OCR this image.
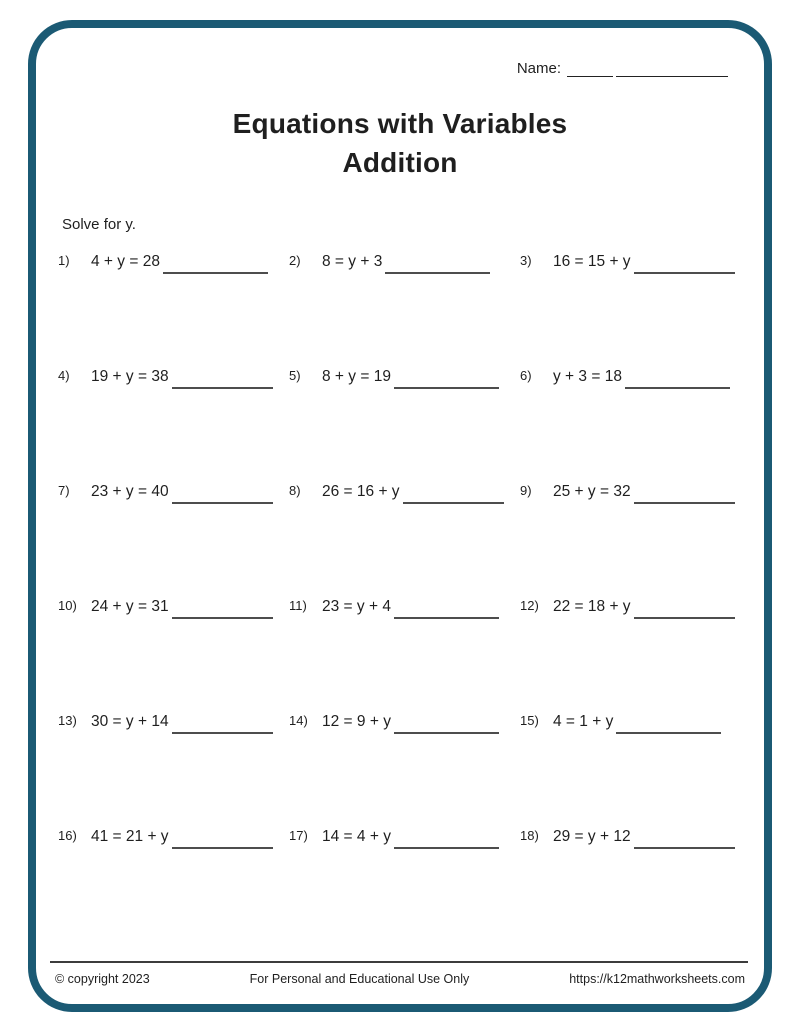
Name:
Equations with Variables
Addition
Solve for y.
1)	4 + y = 28	2)	8 = y + 3	3)	16 = 15 + y
4)	19 + y = 38	5)	8 + y = 19	6)	y + 3 = 18
7)	23 + y = 40	8)	26 = 16 + y	9)	25 + y = 32
10) 24 + y = 31	11) 23 = y + 4	12) 22 = 18 + y
13) 30 = y + 14	14) 12 = 9 + y	15) 4 = 1 + y
16) 41 = 21 + y	17) 14 = 4 + y	18) 29 = y + 12
© copyright 2023	For Personal and Educational Use Only	https://k12mathworksheets.com
